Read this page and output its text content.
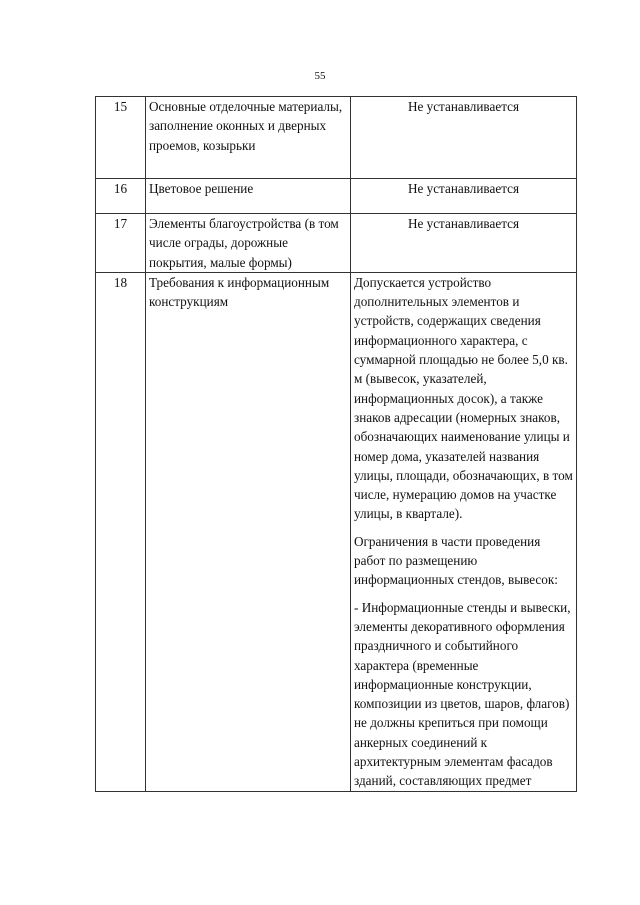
55
15	Основные отделочные материалы, заполнение оконных и дверных проемов, козырьки	Не устанавливается

16	Цветовое решение	Не устанавливается

17	Элементы благоустройства (в том числе ограды, дорожные покрытия, малые формы)	Не устанавливается

18	Требования к информационным конструкциям	Допускается устройство дополнительных элементов и устройств, содержащих сведения информационного характера, с суммарной площадью не более 5,0 кв. м (вывесок, указателей, информационных досок), а также знаков адресации (номерных знаков, обозначающих наименование улицы и номер дома, указателей названия улицы, площади, обозначающих, в том числе, нумерацию домов на участке улицы, в квартале).
Ограничения в части проведения работ по размещению информационных стендов, вывесок:
- Информационные стенды и вывески, элементы декоративного оформления праздничного и событийного характера (временные информационные конструкции, композиции из цветов, шаров, флагов) не должны крепиться при помощи анкерных соединений к архитектурным элементам фасадов зданий, составляющих предмет
